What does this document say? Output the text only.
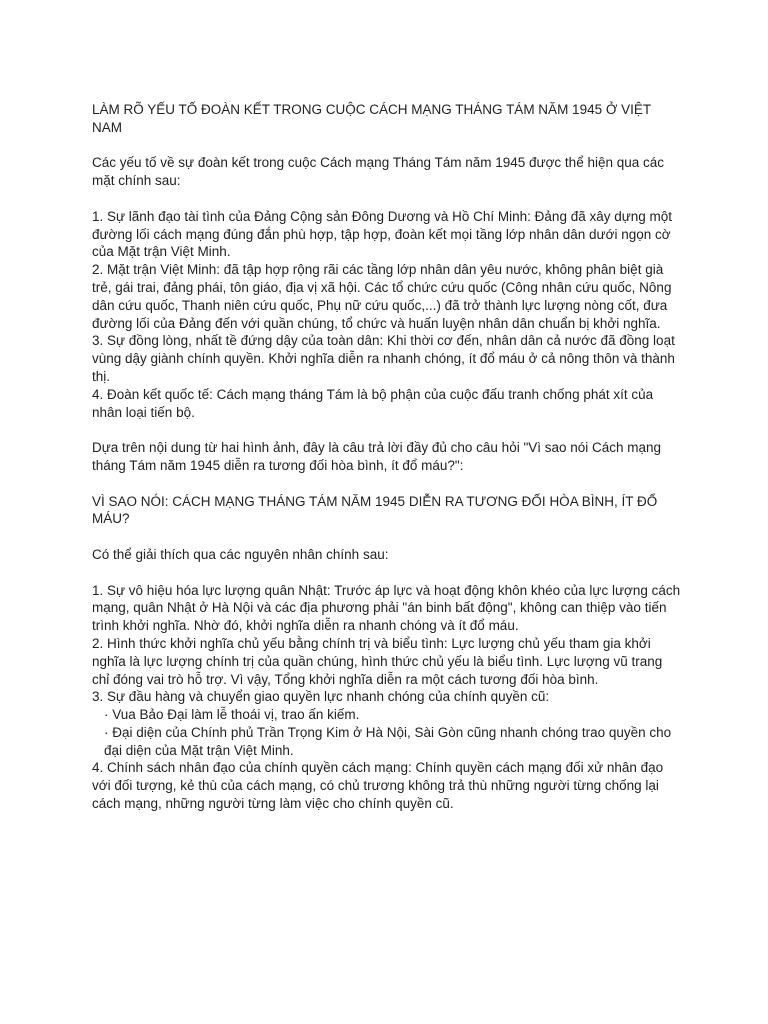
LÀM RÕ YẾU TỐ ĐOÀN KẾT TRONG CUỘC CÁCH MẠNG THÁNG TÁM NĂM 1945 Ở VIỆT NAM

Các yếu tố về sự đoàn kết trong cuộc Cách mạng Tháng Tám năm 1945 được thể hiện qua các mặt chính sau:

1. Sự lãnh đạo tài tình của Đảng Cộng sản Đông Dương và Hồ Chí Minh: Đảng đã xây dựng một đường lối cách mạng đúng đắn phù hợp, tập hợp, đoàn kết mọi tầng lớp nhân dân dưới ngọn cờ của Mặt trận Việt Minh.

2. Mặt trận Việt Minh: đã tập hợp rộng rãi các tầng lớp nhân dân yêu nước, không phân biệt già trẻ, gái trai, đảng phái, tôn giáo, địa vị xã hội. Các tổ chức cứu quốc (Công nhân cứu quốc, Nông dân cứu quốc, Thanh niên cứu quốc, Phụ nữ cứu quốc,...) đã trở thành lực lượng nòng cốt, đưa đường lối của Đảng đến với quần chúng, tổ chức và huấn luyện nhân dân chuẩn bị khởi nghĩa.

3. Sự đồng lòng, nhất tề đứng dậy của toàn dân: Khi thời cơ đến, nhân dân cả nước đã đồng loạt vùng dậy giành chính quyền. Khởi nghĩa diễn ra nhanh chóng, ít đổ máu ở cả nông thôn và thành thị.

4. Đoàn kết quốc tế: Cách mạng tháng Tám là bộ phận của cuộc đấu tranh chống phát xít của nhân loại tiến bộ.

Dựa trên nội dung từ hai hình ảnh, đây là câu trả lời đầy đủ cho câu hỏi "Vì sao nói Cách mạng tháng Tám năm 1945 diễn ra tương đối hòa bình, ít đổ máu?":

VÌ SAO NÓI: CÁCH MẠNG THÁNG TÁM NĂM 1945 DIỄN RA TƯƠNG ĐỐI HÒA BÌNH, ÍT ĐỔ MÁU?

Có thể giải thích qua các nguyên nhân chính sau:

1. Sự vô hiệu hóa lực lượng quân Nhật: Trước áp lực và hoạt động khôn khéo của lực lượng cách mạng, quân Nhật ở Hà Nội và các địa phương phải "án binh bất động", không can thiệp vào tiến trình khởi nghĩa. Nhờ đó, khởi nghĩa diễn ra nhanh chóng và ít đổ máu.

2. Hình thức khởi nghĩa chủ yếu bằng chính trị và biểu tình: Lực lượng chủ yếu tham gia khởi nghĩa là lực lượng chính trị của quần chúng, hình thức chủ yếu là biểu tình. Lực lượng vũ trang chỉ đóng vai trò hỗ trợ. Vì vậy, Tổng khởi nghĩa diễn ra một cách tương đối hòa bình.

3. Sự đầu hàng và chuyển giao quyền lực nhanh chóng của chính quyền cũ:

· Vua Bảo Đại làm lễ thoái vị, trao ấn kiếm.

· Đại diện của Chính phủ Trần Trọng Kim ở Hà Nội, Sài Gòn cũng nhanh chóng trao quyền cho đại diện của Mặt trận Việt Minh.

4. Chính sách nhân đạo của chính quyền cách mạng: Chính quyền cách mạng đối xử nhân đạo với đối tượng, kẻ thù của cách mạng, có chủ trương không trả thù những người từng chống lại cách mạng, những người từng làm việc cho chính quyền cũ.
